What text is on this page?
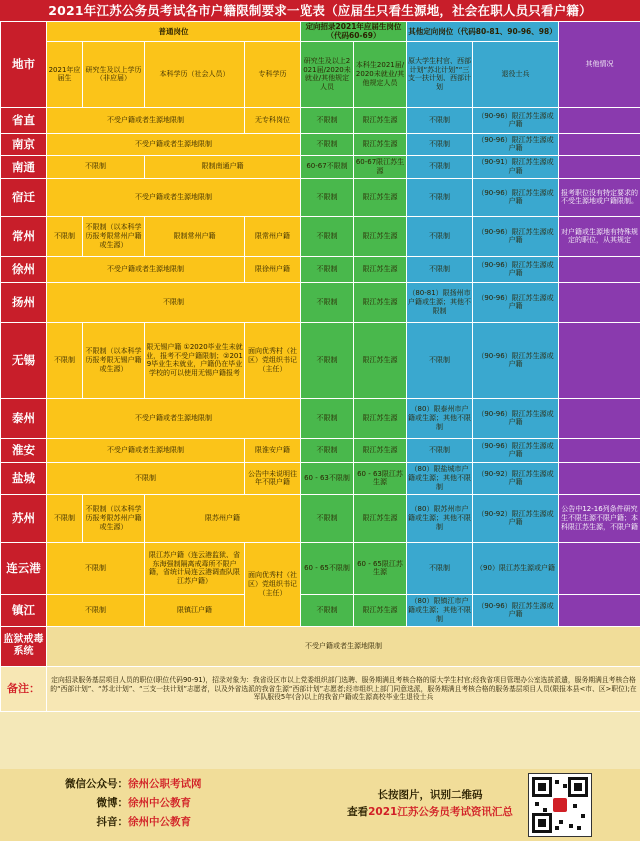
2021年江苏公务员考试各市户籍限制要求一览表（应届生只看生源地，社会在职人员只看户籍）
地市	普通岗位				定向招录2021年应届生岗位（代码60-69）		其他定向岗位（代码80-81、90-96、98）		其他情况
	2021年应届生	研究生及以上学历（非应届）	本科学历（社会人员）	专科学历	研究生及以上2021届/2020未就业/其他规定人员	本科生2021届/2020未就业/其他规定人员	原大学生村官、西部计划“苏北计划”“三支一扶计划、西部计划	退役士兵	
省直	不受户籍或者生源地限制			无专科岗位	不限制	限江苏生源	不限制	（90-96）限江苏生源或户籍	
南京	不受户籍或者生源地限制				不限制	限江苏生源	不限制	（90-96）限江苏生源或户籍	
南通	不限制		限制南通户籍		60-67不限制	60-67限江苏生源	不限制	（90-91）限江苏生源或户籍	
宿迁	不受户籍或者生源地限制				不限制	限江苏生源	不限制	（90-96）限江苏生源或户籍	报考职位没有特定要求的不受生源地或户籍限制。
常州	不限制	不限制（以本科学历报考限常州户籍或生源）	限制常州户籍	限常州户籍	不限制	限江苏生源	不限制	（90-96）限江苏生源或户籍	对户籍或生源地有特殊规定的职位，从其规定
徐州	不受户籍或者生源地限制			限徐州户籍	不限制	限江苏生源	不限制	（90-96）限江苏生源或户籍	
扬州	不限制				不限制	限江苏生源	（80-81）限扬州市户籍或生源；其他不限制	（90-96）限江苏生源或户籍	
无锡	不限制	不限制（以本科学历报考限无锡户籍或生源）	限无锡户籍 ①2020毕业生未就业，报考不受户籍限制；②2019毕业生未就业，户籍仍在毕业学校的可以使用无锡户籍报考	面向优秀村（社区）党组织书记（主任）	不限制	限江苏生源	不限制	（90-96）限江苏生源或户籍	
泰州	不受户籍或者生源地限制				不限制	限江苏生源	（80）限泰州市户籍或生源；其他不限制	（90-96）限江苏生源或户籍	
淮安	不受户籍或者生源地限制			限淮安户籍	不限制	限江苏生源	不限制	（90-96）限江苏生源或户籍	
盐城	不限制			公告中未说明往年不限户籍	60 - 63不限制	60 - 63限江苏生源	（80）限盐城市户籍或生源；其他不限制	（90-92）限江苏生源或户籍	
苏州	不限制	不限制（以本科学历报考限苏州户籍或生源）	限苏州户籍		不限制	限江苏生源	（80）限苏州市户籍或生源；其他不限制	（90-92）限江苏生源或户籍	公告中12-16列条件研究生不限生源不限户籍；本科限江苏生源，不限户籍
连云港	不限制		限江苏户籍（连云港监狱、省东海强制隔离戒毒所不限户籍，省统计局连云港调查队限江苏户籍）	面向优秀村（社区）党组织书记（主任）	60 - 65不限制	60 - 65限江苏生源	不限制	（90）限江苏生源或户籍	
镇江	不限制		限镇江户籍		不限制	限江苏生源	（80）限镇江市户籍或生源；其他不限制	（90-96）限江苏生源或户籍	
监狱戒毒系统	不受户籍或者生源地限制								
备注：	定向招录服务基层项目人员的职位(职位代码90-91)，招录对象为：我省设区市以上党委组织部门选聘、服务期满且考核合格的原大学生村官;经我省项目管理办公室选拔派遣，服务期满且考核合格的“西部计划”、“苏北计划”、“三支一扶计划”志愿者，以及外省选派的我省生源“西部计划”志愿者;经市组织上部门同意选派，服务期满且考核合格的服务基层项目人员(限报本县<市、区>职位);在军队服役5年(含)以上的我省户籍或生源高校毕业生退役士兵								
微信公众号：徐州公职考试网
微博：徐州中公教育
抖音：徐州中公教育
长按图片，识别二维码
查看2021江苏公务员考试资讯汇总
